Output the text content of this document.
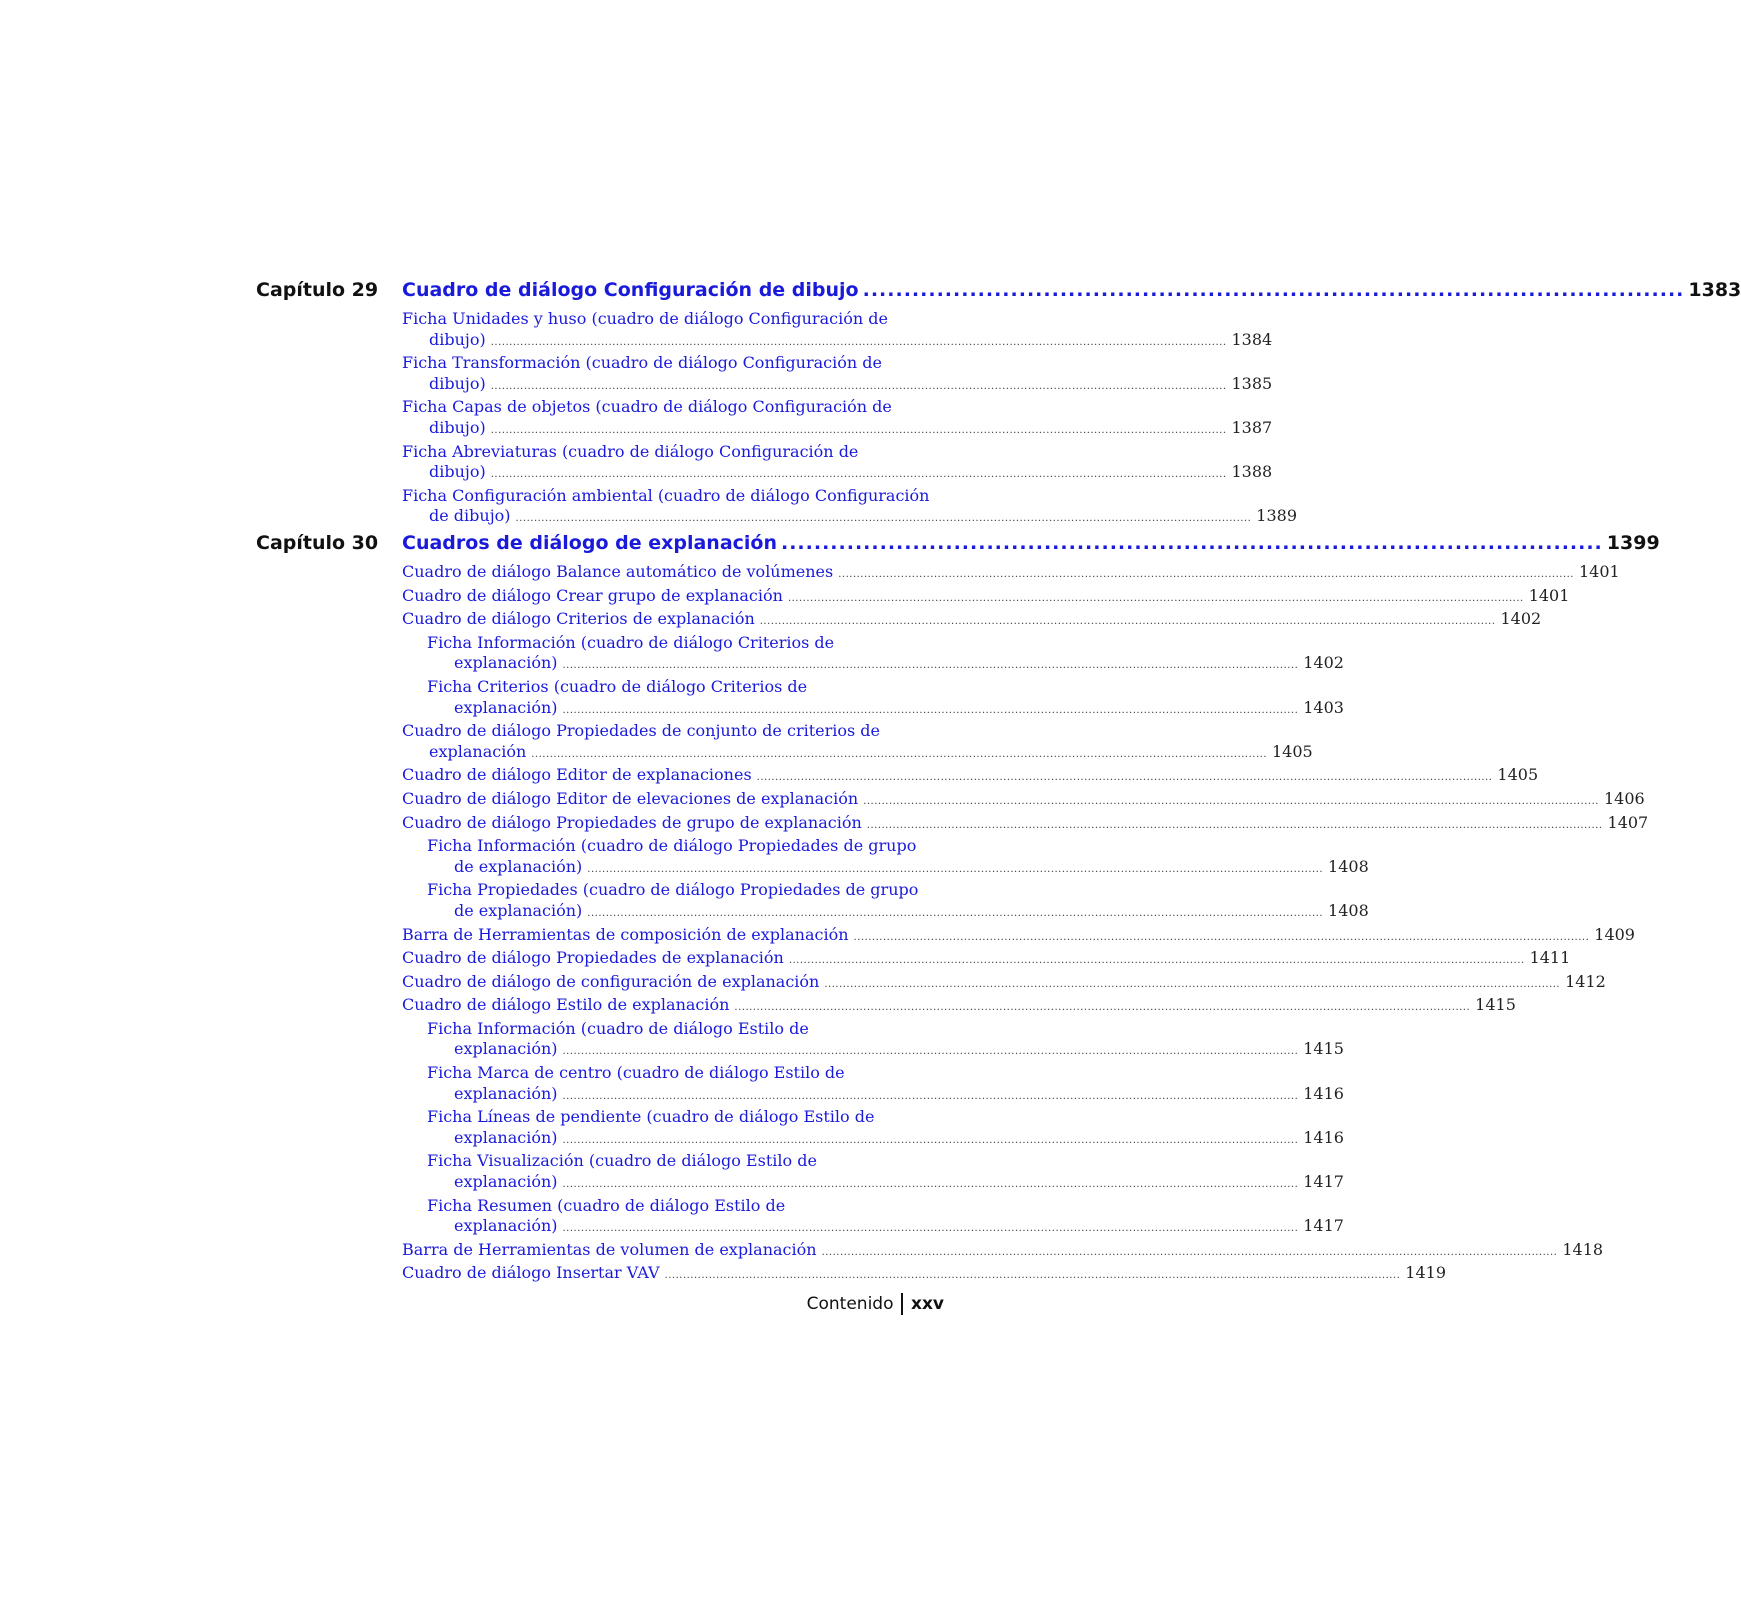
Capítulo 29 Cuadro de diálogo Configuración de dibujo .................................................................................................... 1383
Ficha Unidades y huso (cuadro de diálogo Configuración de
dibujo) ........................................................................................................................................................................................................ 1384
Ficha Transformación (cuadro de diálogo Configuración de
dibujo) ........................................................................................................................................................................................................ 1385
Ficha Capas de objetos (cuadro de diálogo Configuración de
dibujo) ........................................................................................................................................................................................................ 1387
Ficha Abreviaturas (cuadro de diálogo Configuración de
dibujo) ........................................................................................................................................................................................................ 1388
Ficha Configuración ambiental (cuadro de diálogo Configuración
de dibujo) ........................................................................................................................................................................................................ 1389
Capítulo 30 Cuadros de diálogo de explanación .................................................................................................... 1399
Cuadro de diálogo Balance automático de volúmenes ........................................................................................................................................................................................................ 1401
Cuadro de diálogo Crear grupo de explanación ........................................................................................................................................................................................................ 1401
Cuadro de diálogo Criterios de explanación ........................................................................................................................................................................................................ 1402
Ficha Información (cuadro de diálogo Criterios de
explanación) ........................................................................................................................................................................................................ 1402
Ficha Criterios (cuadro de diálogo Criterios de
explanación) ........................................................................................................................................................................................................ 1403
Cuadro de diálogo Propiedades de conjunto de criterios de
explanación ........................................................................................................................................................................................................ 1405
Cuadro de diálogo Editor de explanaciones ........................................................................................................................................................................................................ 1405
Cuadro de diálogo Editor de elevaciones de explanación ........................................................................................................................................................................................................ 1406
Cuadro de diálogo Propiedades de grupo de explanación ........................................................................................................................................................................................................ 1407
Ficha Información (cuadro de diálogo Propiedades de grupo
de explanación) ........................................................................................................................................................................................................ 1408
Ficha Propiedades (cuadro de diálogo Propiedades de grupo
de explanación) ........................................................................................................................................................................................................ 1408
Barra de Herramientas de composición de explanación ........................................................................................................................................................................................................ 1409
Cuadro de diálogo Propiedades de explanación ........................................................................................................................................................................................................ 1411
Cuadro de diálogo de configuración de explanación ........................................................................................................................................................................................................ 1412
Cuadro de diálogo Estilo de explanación ........................................................................................................................................................................................................ 1415
Ficha Información (cuadro de diálogo Estilo de
explanación) ........................................................................................................................................................................................................ 1415
Ficha Marca de centro (cuadro de diálogo Estilo de
explanación) ........................................................................................................................................................................................................ 1416
Ficha Líneas de pendiente (cuadro de diálogo Estilo de
explanación) ........................................................................................................................................................................................................ 1416
Ficha Visualización (cuadro de diálogo Estilo de
explanación) ........................................................................................................................................................................................................ 1417
Ficha Resumen (cuadro de diálogo Estilo de
explanación) ........................................................................................................................................................................................................ 1417
Barra de Herramientas de volumen de explanación ........................................................................................................................................................................................................ 1418
Cuadro de diálogo Insertar VAV ........................................................................................................................................................................................................ 1419
Contenido xxv
